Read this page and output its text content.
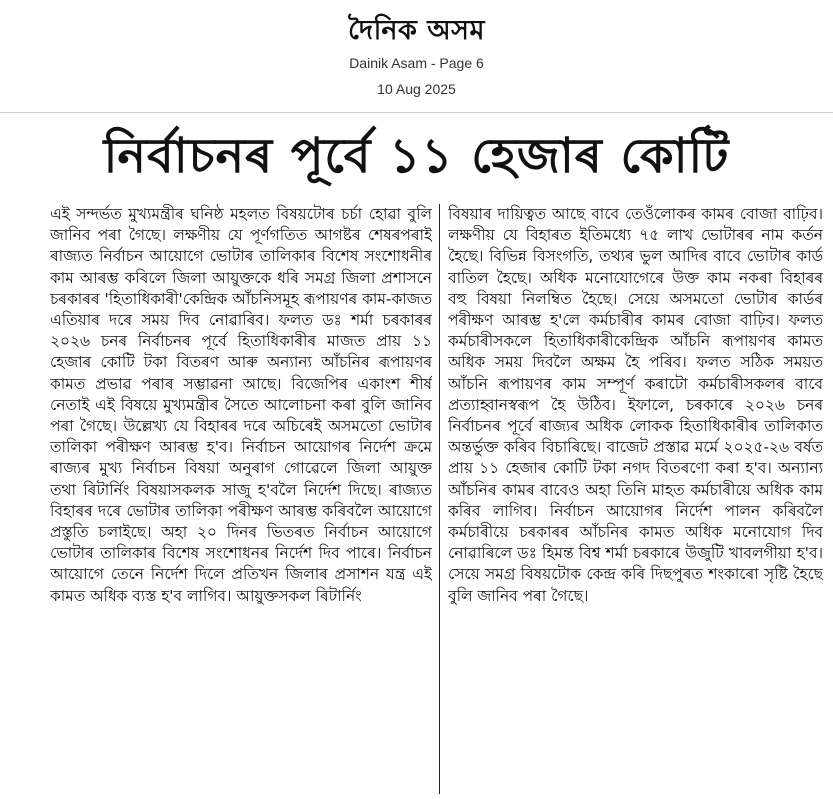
দৈনিক অসম
Dainik Asam - Page 6
10 Aug 2025
নিৰ্বাচনৰ পূৰ্বে ১১ হেজাৰ কোটি

এই সন্দৰ্ভত মুখ্যমন্ত্ৰীৰ ঘনিষ্ঠ মহলত বিষয়টোৰ চৰ্চা হোৱা বুলি জানিব পৰা গৈছে। লক্ষণীয় যে পূৰ্ণগতিত আগষ্টৰ শেষৰপৰাই ৰাজ্যত নিৰ্বাচন আয়োগে ভোটাৰ তালিকাৰ বিশেষ সংশোধনীৰ কাম আৰম্ভ কৰিলে জিলা আয়ুক্তকে ধৰি সমগ্ৰ জিলা প্ৰশাসনে চৰকাৰৰ 'হিতাধিকাৰী'কেন্দ্ৰিক আঁচনিসমূহ ৰূপায়ণৰ কাম-কাজত এতিয়াৰ দৰে সময় দিব নোৱাৰিব। ফলত ডঃ শৰ্মা চৰকাৰৰ ২০২৬ চনৰ নিৰ্বাচনৰ পূৰ্বে হিতাধিকাৰীৰ মাজত প্ৰায় ১১ হেজাৰ কোটি টকা বিতৰণ আৰু অন্যান্য আঁচনিৰ ৰূপায়ণৰ কামত প্ৰভাৱ পৰাৰ সম্ভাৱনা আছে। বিজেপিৰ একাংশ শীৰ্ষ নেতাই এই বিষয়ে মুখ্যমন্ত্ৰীৰ সৈতে আলোচনা কৰা বুলি জানিব পৰা গৈছে। উল্লেখ্য যে বিহাৰৰ দৰে অচিৰেই অসমতো ভোটাৰ তালিকা পৰীক্ষণ আৰম্ভ হ'ব। নিৰ্বাচন আয়োগৰ নিৰ্দেশ ক্ৰমে ৰাজ্যৰ মুখ্য নিৰ্বাচন বিষয়া অনুৰাগ গোৱেলে জিলা আয়ুক্ত তথা ৰিটাৰ্নিং বিষয়াসকলক সাজু হ'বলৈ নিৰ্দেশ দিছে। ৰাজ্যত বিহাৰৰ দৰে ভোটাৰ তালিকা পৰীক্ষণ আৰম্ভ কৰিবলৈ আয়োগে প্ৰস্তুতি চলাইছে। অহা ২০ দিনৰ ভিতৰত নিৰ্বাচন আয়োগে ভোটাৰ তালিকাৰ বিশেষ সংশোধনৰ নিৰ্দেশ দিব পাৰে। নিৰ্বাচন আয়োগে তেনে নিৰ্দেশ দিলে প্ৰতিখন জিলাৰ প্ৰসাশন যন্ত্ৰ এই কামত অধিক ব্যস্ত হ'ব লাগিব। আয়ুক্তসকল ৰিটাৰ্নিং

বিষয়াৰ দায়িত্বত আছে বাবে তেওঁলোকৰ কামৰ বোজা বাঢ়িব। লক্ষণীয় যে বিহাৰত ইতিমধ্যে ৭৫ লাখ ভোটাৰৰ নাম কৰ্তন হৈছে। বিভিন্ন বিসংগতি, তথ্যৰ ভুল আদিৰ বাবে ভোটাৰ কাৰ্ড বাতিল হৈছে। অধিক মনোযোগেৰে উক্ত কাম নকৰা বিহাৰৰ বহু বিষয়া নিলম্বিত হৈছে। সেয়ে অসমতো ভোটাৰ কাৰ্ডৰ পৰীক্ষণ আৰম্ভ হ'লে কৰ্মচাৰীৰ কামৰ বোজা বাঢ়িব। ফলত কৰ্মচাৰীসকলে হিতাধিকাৰীকেন্দ্ৰিক আঁচনি ৰূপায়ণৰ কামত অধিক সময় দিবলৈ অক্ষম হৈ পৰিব। ফলত সঠিক সময়ত আঁচনি ৰূপায়ণৰ কাম সম্পূৰ্ণ কৰাটো কৰ্মচাৰীসকলৰ বাবে প্ৰত্যাহ্বানস্বৰূপ হৈ উঠিব। ইফালে, চৰকাৰে ২০২৬ চনৰ নিৰ্বাচনৰ পূৰ্বে ৰাজ্যৰ অধিক লোকক হিতাধিকাৰীৰ তালিকাত অন্তৰ্ভুক্ত কৰিব বিচাৰিছে। বাজেট প্ৰস্তাৱ মৰ্মে ২০২৫-২৬ বৰ্ষত প্ৰায় ১১ হেজাৰ কোটি টকা নগদ বিতৰণো কৰা হ'ব। অন্যান্য আঁচনিৰ কামৰ বাবেও অহা তিনি মাহত কৰ্মচাৰীয়ে অধিক কাম কৰিব লাগিব। নিৰ্বাচন আয়োগৰ নিৰ্দেশ পালন কৰিবলৈ কৰ্মচাৰীয়ে চৰকাৰৰ আঁচনিৰ কামত অধিক মনোযোগ দিব নোৱাৰিলে ডঃ হিমন্ত বিশ্ব শৰ্মা চৰকাৰে উজুটি খাবলগীয়া হ'ব। সেয়ে সমগ্ৰ বিষয়টোক কেন্দ্ৰ কৰি দিছপুৰত শংকাৰো সৃষ্টি হৈছে বুলি জানিব পৰা গৈছে।
